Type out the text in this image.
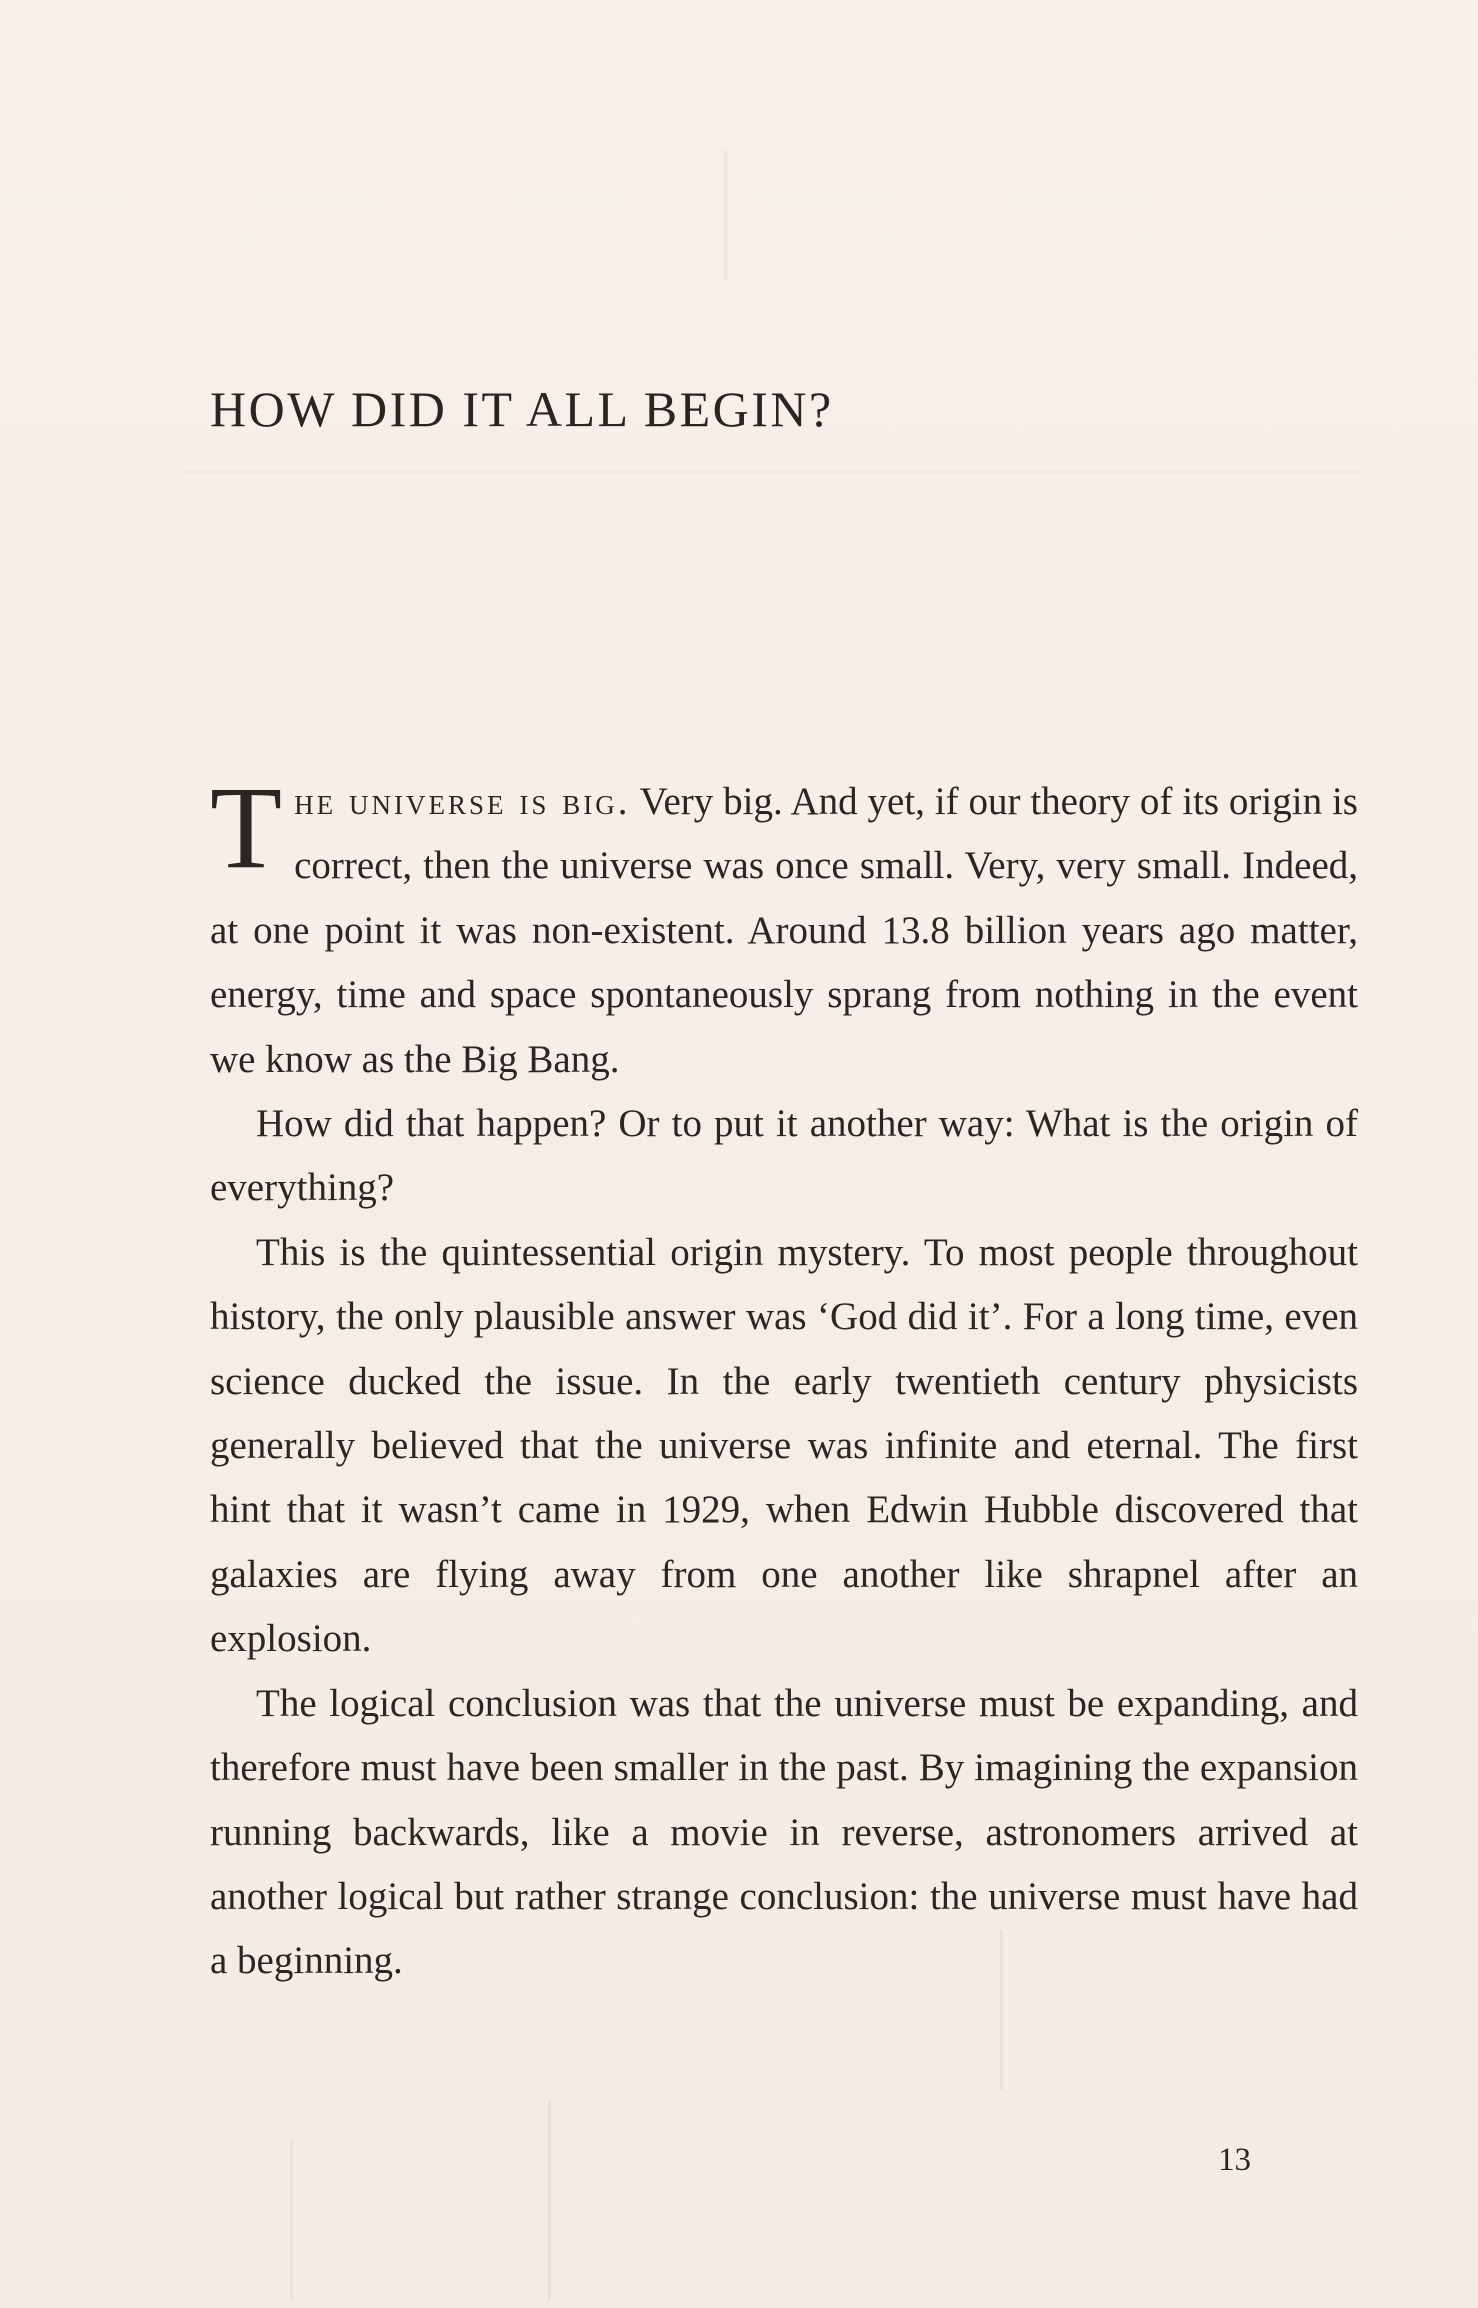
HOW DID IT ALL BEGIN?

The universe is big. Very big. And yet, if our theory of its origin is correct, then the universe was once small. Very, very small. Indeed, at one point it was non-existent. Around 13.8 billion years ago matter, energy, time and space spontaneously sprang from nothing in the event we know as the Big Bang.

How did that happen? Or to put it another way: What is the origin of everything?

This is the quintessential origin mystery. To most people throughout history, the only plausible answer was ‘God did it’. For a long time, even science ducked the issue. In the early twentieth century physicists generally believed that the universe was infinite and eternal. The first hint that it wasn’t came in 1929, when Edwin Hubble discovered that galaxies are flying away from one another like shrapnel after an explosion.

The logical conclusion was that the universe must be expanding, and therefore must have been smaller in the past. By imagining the expansion running backwards, like a movie in reverse, astronomers arrived at another logical but rather strange conclusion: the universe must have had a beginning.

13
